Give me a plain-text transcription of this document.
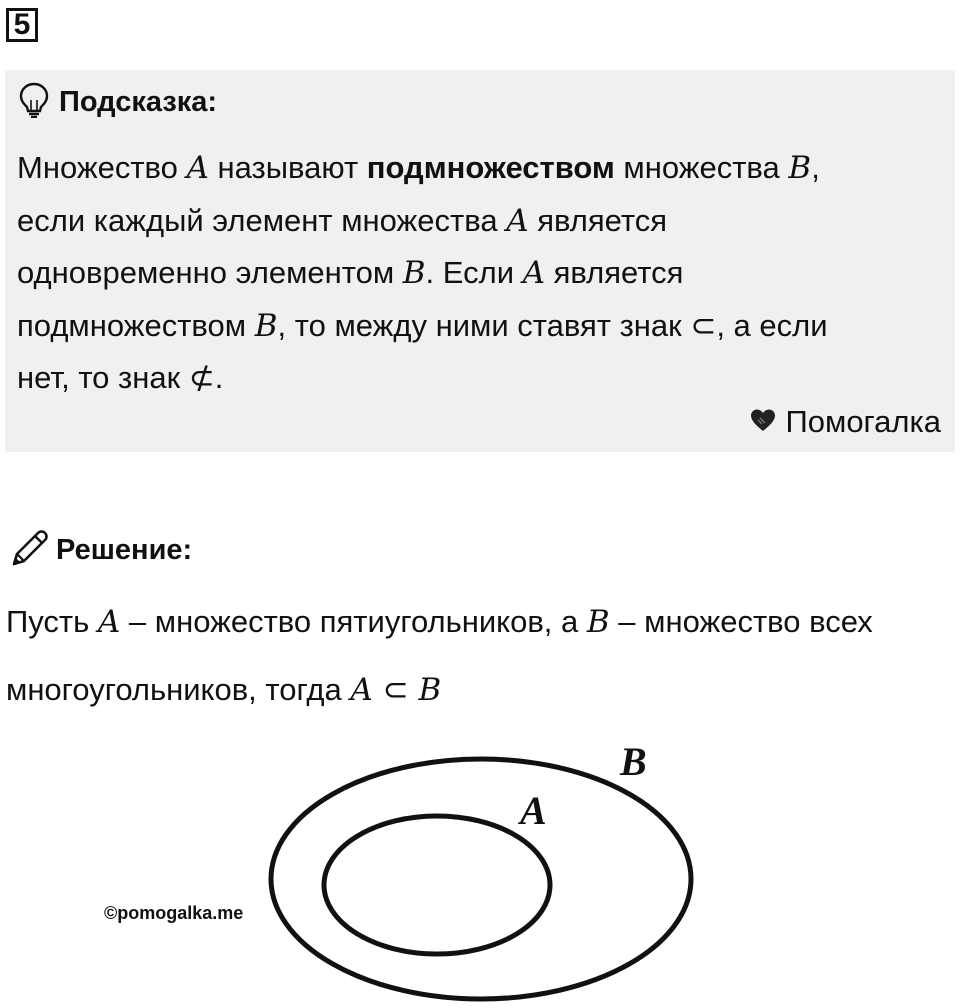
5
Подсказка:
Множество A называют подмножеством множества B,
если каждый элемент множества A является
одновременно элементом B. Если A является
подмножеством B, то между ними ставят знак ⊂, а если
нет, то знак ⊄.
Помогалка
Решение:
Пусть A – множество пятиугольников, а B – множество всех
многоугольников, тогда A ⊂ B
B
A
©pomogalka.me
